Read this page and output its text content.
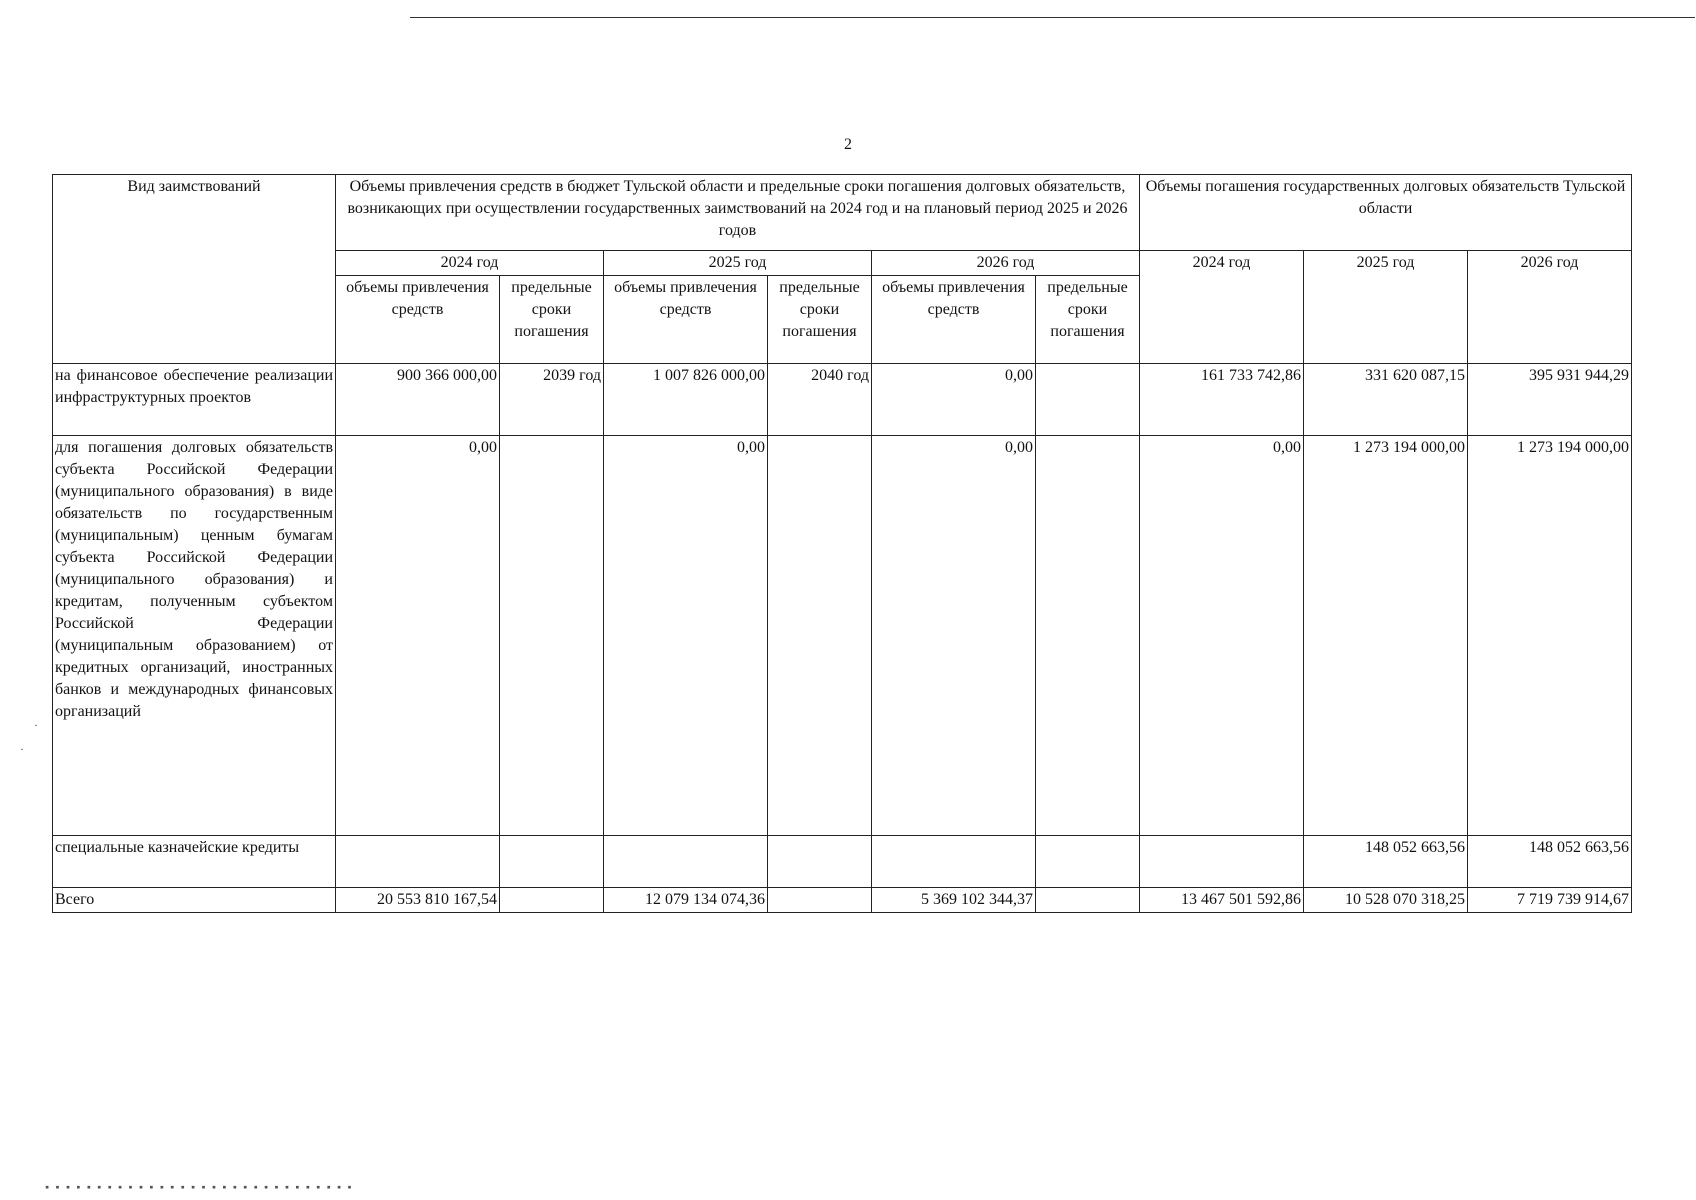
2
Вид заимствований	Объемы привлечения средств в бюджет Тульской области и предельные сроки погашения долговых обязательств, возникающих при осуществлении государственных заимствований на 2024 год и на плановый период 2025 и 2026 годов						Объемы погашения государственных долговых обязательств Тульской области		
	2024 год		2025 год		2026 год		2024 год	2025 год	2026 год
	объемы привлечения средств	предельные сроки погашения	объемы привлечения средств	предельные сроки погашения	объемы привлечения средств	предельные сроки погашения			
на финансовое обеспечение реализации инфраструктурных проектов	900 366 000,00	2039 год	1 007 826 000,00	2040 год	0,00		161 733 742,86	331 620 087,15	395 931 944,29
для погашения долговых обязательств субъекта Российской Федерации (муниципального образования) в виде обязательств по государственным (муниципальным) ценным бумагам субъекта Российской Федерации (муниципального образования) и кредитам, полученным субъектом Российской Федерации (муниципальным образованием) от кредитных организаций, иностранных банков и международных финансовых организаций	0,00		0,00		0,00		0,00	1 273 194 000,00	1 273 194 000,00
специальные казначейские кредиты								148 052 663,56	148 052 663,56
Всего	20 553 810 167,54		12 079 134 074,36		5 369 102 344,37		13 467 501 592,86	10 528 070 318,25	7 719 739 914,67
·
·
▪ ▪ ▪ ▪ ▪ ▪ ▪ ▪ ▪ ▪ ▪ ▪ ▪ ▪ ▪ ▪ ▪ ▪ ▪ ▪ ▪ ▪ ▪ ▪ ▪ ▪ ▪ ▪ ▪ ▪
